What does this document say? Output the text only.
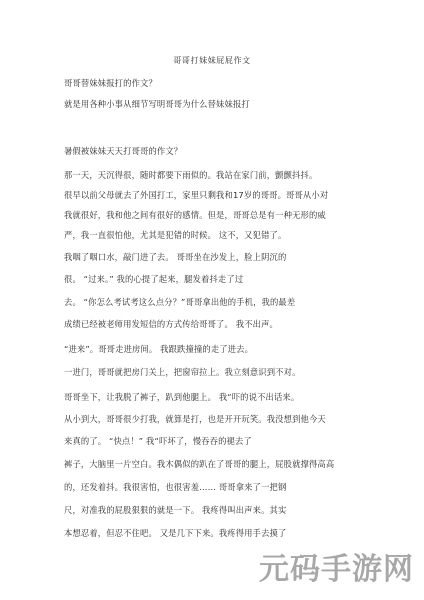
哥哥打妹妹屁屁作文
哥哥替妹妹报打的作文？
就是用各种小事从细节写明哥哥为什么替妹妹报打
暑假被妹妹天天打哥哥的作文？
那一天，天沉得很，随时都要下雨似的。我站在家门前，颤颤抖抖。
很早以前父母就去了外国打工，家里只剩我和17岁的哥哥。哥哥从小对
我就很好，我和他之间有很好的感情。但是，哥哥总是有一种无形的威
严，我一直很怕他，尤其是犯错的时候。 这不，又犯错了。
我咽了咽口水，敲门进了去。 哥哥坐在沙发上，脸上阴沉的
很。 “过来。” 我的心提了起来，腿发着抖走了过
去。 “你怎么考试考这么点分？”哥哥拿出他的手机，我的最差
成绩已经被老师用发短信的方式传给哥哥了。 我不出声。
“进来”。哥哥走进房间。 我跟跌撞撞的走了进去。
一进门，哥哥就把房门关上，把窗帘拉上。我立刻意识到不对。
哥哥坐下，让我脱了裤子，趴到他腿上。 我“吓的说不出话来。
从小到大，哥哥很少打我，就算是打，也是开开玩笑。我没想到他今天
来真的了。 “快点！” 我“吓坏了，慢吞吞的褪去了
裤子，大脑里一片空白。我木偶似的趴在了哥哥的腿上，屁股就撑得高高
的，还发着抖。我很害怕，也很害羞…… 哥哥拿来了一把钢
尺，对准我的屁股狠狠的就是一下。 我疼得叫出声来。其实
本想忍着，但忍不住吧。 又是几下下来。我疼得用手去摸了
元码手游网
